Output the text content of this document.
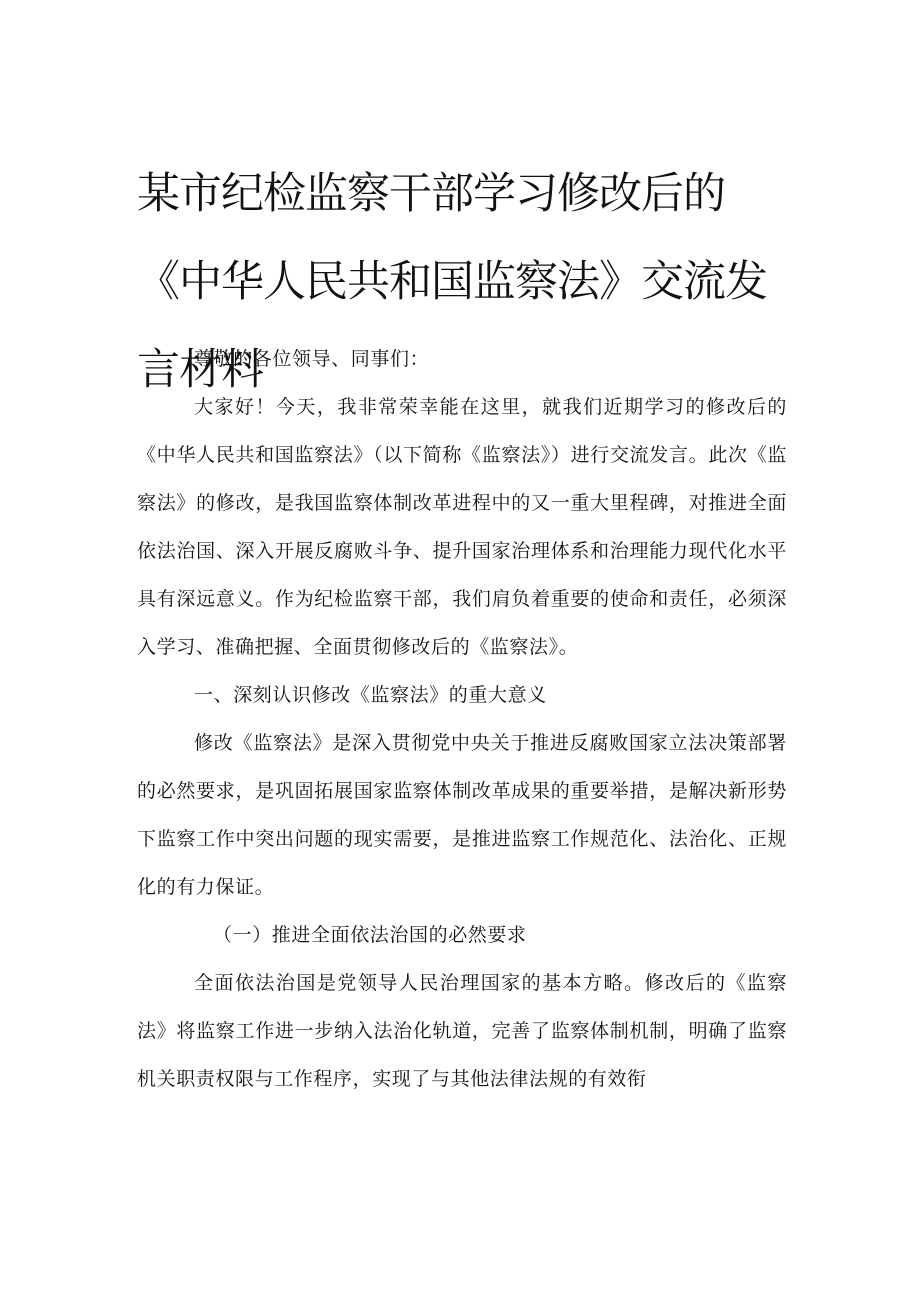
某市纪检监察干部学习修改后的《中华人民共和国监察法》交流发言材料

尊敬的各位领导、同事们：

大家好！今天，我非常荣幸能在这里，就我们近期学习的修改后的《中华人民共和国监察法》（以下简称《监察法》）进行交流发言。此次《监察法》的修改，是我国监察体制改革进程中的又一重大里程碑，对推进全面依法治国、深入开展反腐败斗争、提升国家治理体系和治理能力现代化水平具有深远意义。作为纪检监察干部，我们肩负着重要的使命和责任，必须深入学习、准确把握、全面贯彻修改后的《监察法》。

一、深刻认识修改《监察法》的重大意义

修改《监察法》是深入贯彻党中央关于推进反腐败国家立法决策部署的必然要求，是巩固拓展国家监察体制改革成果的重要举措，是解决新形势下监察工作中突出问题的现实需要，是推进监察工作规范化、法治化、正规化的有力保证。

（一）推进全面依法治国的必然要求

全面依法治国是党领导人民治理国家的基本方略。修改后的《监察法》将监察工作进一步纳入法治化轨道，完善了监察体制机制，明确了监察机关职责权限与工作程序，实现了与其他法律法规的有效衔
